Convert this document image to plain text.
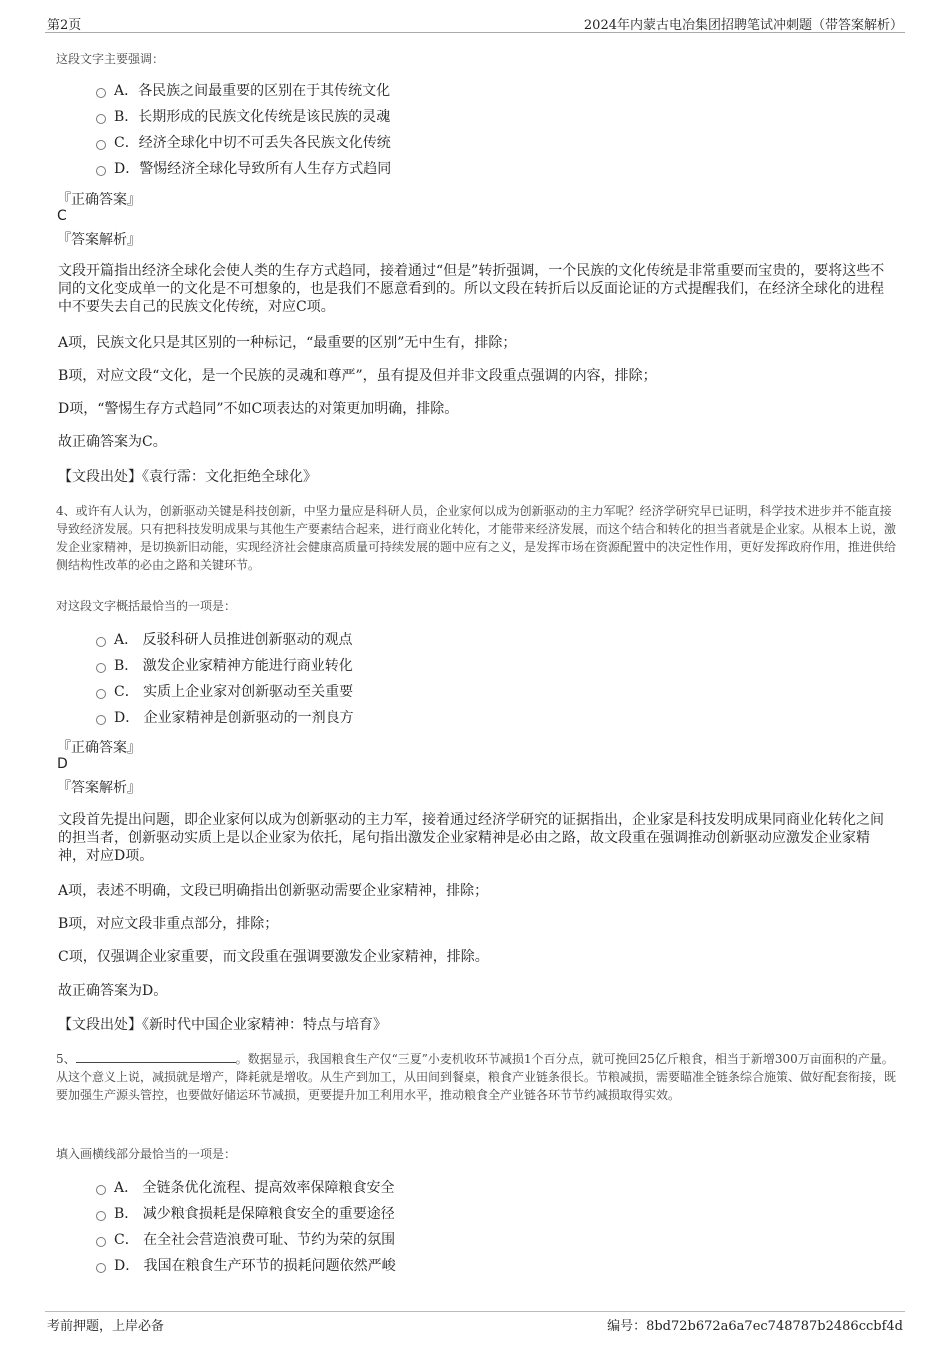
第2页	2024年内蒙古电冶集团招聘笔试冲刺题（带答案解析）
这段文字主要强调：
A．各民族之间最重要的区别在于其传统文化
B．长期形成的民族文化传统是该民族的灵魂
C．经济全球化中切不可丢失各民族文化传统
D．警惕经济全球化导致所有人生存方式趋同
『正确答案』
C
『答案解析』
文段开篇指出经济全球化会使人类的生存方式趋同，接着通过“但是”转折强调，一个民族的文化传统是非常重要而宝贵的，要将这些不同的文化变成单一的文化是不可想象的，也是我们不愿意看到的。所以文段在转折后以反面论证的方式提醒我们，在经济全球化的进程中不要失去自己的民族文化传统，对应C项。
A项，民族文化只是其区别的一种标记，“最重要的区别”无中生有，排除；
B项，对应文段“文化，是一个民族的灵魂和尊严”，虽有提及但并非文段重点强调的内容，排除；
D项，“警惕生存方式趋同”不如C项表达的对策更加明确，排除。
故正确答案为C。
【文段出处】《袁行霈：文化拒绝全球化》
4、或许有人认为，创新驱动关键是科技创新，中坚力量应是科研人员，企业家何以成为创新驱动的主力军呢？经济学研究早已证明，科学技术进步并不能直接导致经济发展。只有把科技发明成果与其他生产要素结合起来，进行商业化转化，才能带来经济发展，而这个结合和转化的担当者就是企业家。从根本上说，激发企业家精神，是切换新旧动能，实现经济社会健康高质量可持续发展的题中应有之义，是发挥市场在资源配置中的决定性作用，更好发挥政府作用，推进供给侧结构性改革的必由之路和关键环节。
对这段文字概括最恰当的一项是：
A． 反驳科研人员推进创新驱动的观点
B． 激发企业家精神方能进行商业转化
C． 实质上企业家对创新驱动至关重要
D． 企业家精神是创新驱动的一剂良方
『正确答案』
D
『答案解析』
文段首先提出问题，即企业家何以成为创新驱动的主力军，接着通过经济学研究的证据指出，企业家是科技发明成果同商业化转化之间的担当者，创新驱动实质上是以企业家为依托，尾句指出激发企业家精神是必由之路，故文段重在强调推动创新驱动应激发企业家精神，对应D项。
A项，表述不明确，文段已明确指出创新驱动需要企业家精神，排除；
B项，对应文段非重点部分，排除；
C项，仅强调企业家重要，而文段重在强调要激发企业家精神，排除。
故正确答案为D。
【文段出处】《新时代中国企业家精神：特点与培育》
5、	。数据显示，我国粮食生产仅“三夏”小麦机收环节减损1个百分点，就可挽回25亿斤粮食，相当于新增300万亩面积的产量。从这个意义上说，减损就是增产，降耗就是增收。从生产到加工，从田间到餐桌，粮食产业链条很长。节粮减损，需要瞄准全链条综合施策、做好配套衔接，既要加强生产源头管控，也要做好储运环节减损，更要提升加工利用水平，推动粮食全产业链各环节节约减损取得实效。
填入画横线部分最恰当的一项是：
A． 全链条优化流程、提高效率保障粮食安全
B． 减少粮食损耗是保障粮食安全的重要途径
C． 在全社会营造浪费可耻、节约为荣的氛围
D． 我国在粮食生产环节的损耗问题依然严峻
考前押题，上岸必备	编号：8bd72b672a6a7ec748787b2486ccbf4d
